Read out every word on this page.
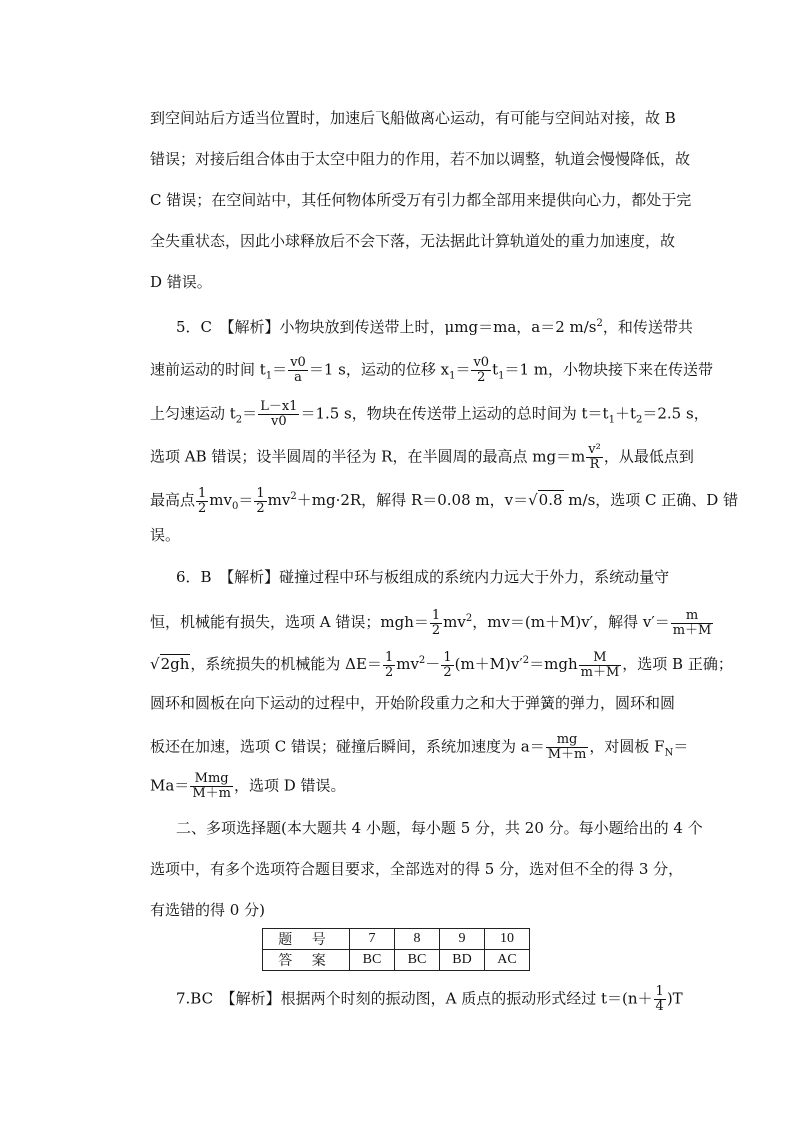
到空间站后方适当位置时，加速后飞船做离心运动，有可能与空间站对接，故 B
错误；对接后组合体由于太空中阻力的作用，若不加以调整，轨道会慢慢降低，故
C 错误；在空间站中，其任何物体所受万有引力都全部用来提供向心力，都处于完
全失重状态，因此小球释放后不会下落，无法据此计算轨道处的重力加速度，故
D 错误。
5．C　【解析】小物块放到传送带上时，μmg＝ma，a＝2 $m/s^2$，和传送带共
速前运动的时间 $t_1= \frac{v0}{a} =1$ s，运动的位移 $x_1= \frac{v0}{2} t_1=1$ m，小物块接下来在传送带
上匀速运动 $t_2= \frac{L-x1}{v0} =1.5$ s，物块在传送带上运动的总时间为 $t=t_1+t_2=2.5$ s，
选项 AB 错误；设半圆周的半径为 R，在半圆周的最高点 $mg=m \frac{\text{v²}}{R}$ ，从最低点到
最高点 $\frac{1}{2} mv_0= \frac{1}{2} mv^2+mg\cdot 2R$，解得 R＝0.08 m，v＝√0.8 m/s，选项 C 正确、D 错
误。
6．B　【解析】碰撞过程中环与板组成的系统内力远大于外力，系统动量守
恒，机械能有损失，选项 A 错误；$mgh= \frac{1}{2} mv^2$，mv＝(m＋M)v′，解得 $v'= \frac{m}{m+M}$
√2gh，系统损失的机械能为 $\Delta E= \frac{1}{2} mv^2- \frac{1}{2} (m+M)v'^2=mgh \frac{M}{m+M}$ ，选项 B 正确；
圆环和圆板在向下运动的过程中，开始阶段重力之和大于弹簧的弹力，圆环和圆
板还在加速，选项 C 错误；碰撞后瞬间，系统加速度为 $a= \frac{mg}{M+m}$ ，对圆板 $F_N=$
$Ma= \frac{\text{Mmg}}{M+m}$ ，选项 D 错误。
二、多项选择题(本大题共 4 小题，每小题 5 分，共 20 分。每小题给出的 4 个
选项中，有多个选项符合题目要求，全部选对的得 5 分，选对但不全的得 3 分，
有选错的得 0 分)
题 号	7	8	9	10
答 案	BC	BC	BD	AC
7.BC　【解析】根据两个时刻的振动图，A 质点的振动形式经过 $t=(n+ \frac{1}{4} )T$
